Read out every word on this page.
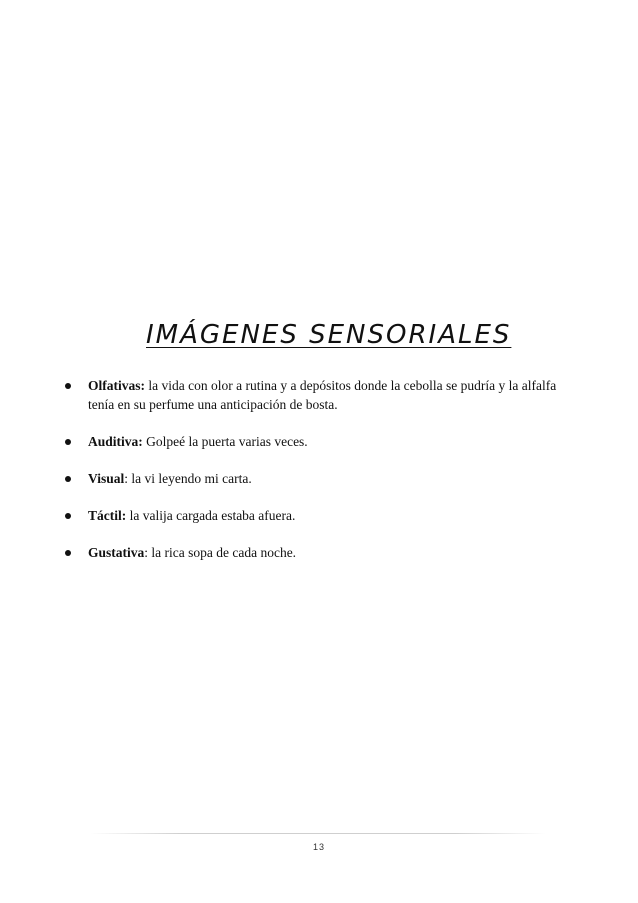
IMÁGENES SENSORIALES
Olfativas: la vida con olor a rutina y a depósitos donde la cebolla se pudría y la alfalfa tenía en su perfume una anticipación de bosta.
Auditiva: Golpeé la puerta varias veces.
Visual: la vi leyendo mi carta.
Táctil: la valija cargada estaba afuera.
Gustativa: la rica sopa de cada noche.
13
